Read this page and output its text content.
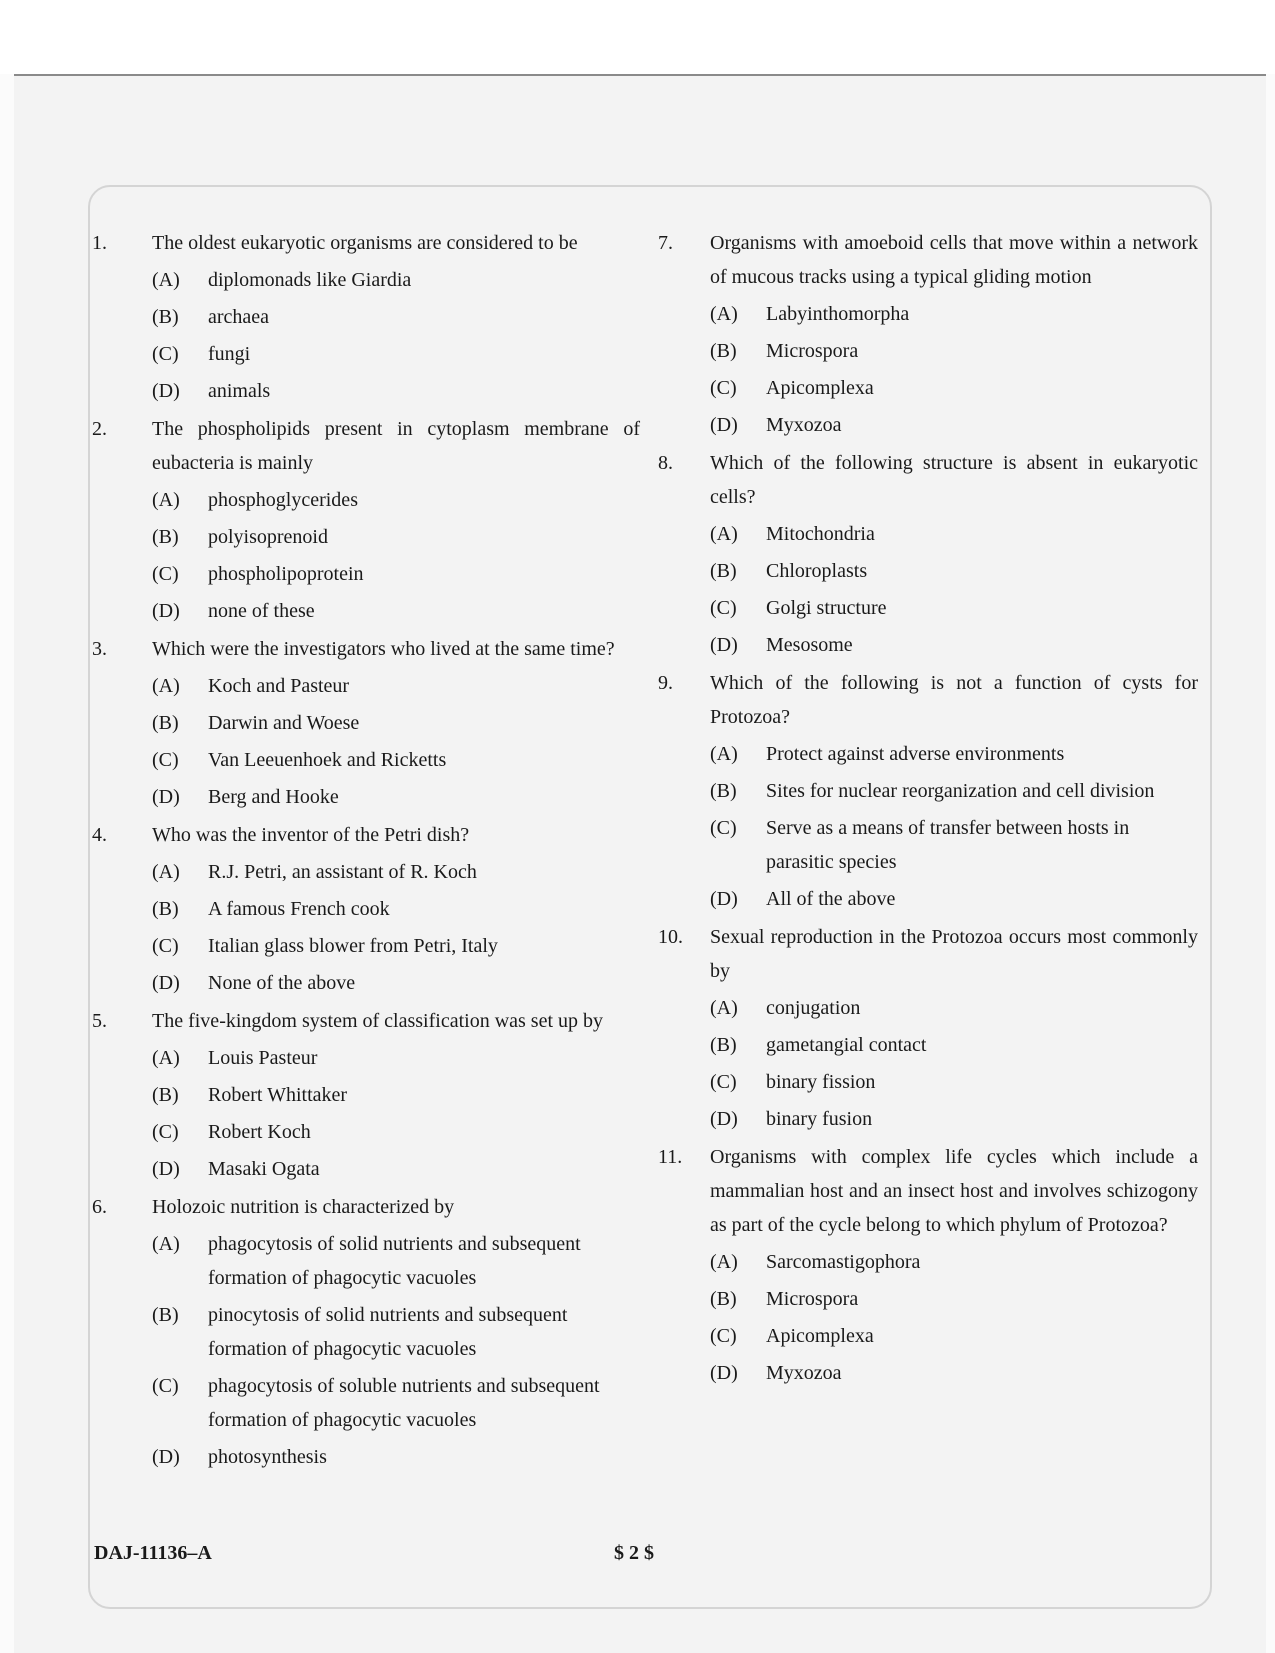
1.	The oldest eukaryotic organisms are considered to be
(A)	diplomonads like Giardia
(B)	archaea
(C)	fungi
(D)	animals
2.	The phospholipids present in cytoplasm membrane of eubacteria is mainly
(A)	phosphoglycerides
(B)	polyisoprenoid
(C)	phospholipoprotein
(D)	none of these
3.	Which were the investigators who lived at the same time?
(A)	Koch and Pasteur
(B)	Darwin and Woese
(C)	Van Leeuenhoek and Ricketts
(D)	Berg and Hooke
4.	Who was the inventor of the Petri dish?
(A)	R.J. Petri, an assistant of R. Koch
(B)	A famous French cook
(C)	Italian glass blower from Petri, Italy
(D)	None of the above
5.	The five-kingdom system of classification was set up by
(A)	Louis Pasteur
(B)	Robert Whittaker
(C)	Robert Koch
(D)	Masaki Ogata
6.	Holozoic nutrition is characterized by
(A)	phagocytosis of solid nutrients and subsequent formation of phagocytic vacuoles
(B)	pinocytosis of solid nutrients and subsequent formation of phagocytic vacuoles
(C)	phagocytosis of soluble nutrients and subsequent formation of phagocytic vacuoles
(D)	photosynthesis
7.	Organisms with amoeboid cells that move within a network of mucous tracks using a typical gliding motion
(A)	Labyinthomorpha
(B)	Microspora
(C)	Apicomplexa
(D)	Myxozoa
8.	Which of the following structure is absent in eukaryotic cells?
(A)	Mitochondria
(B)	Chloroplasts
(C)	Golgi structure
(D)	Mesosome
9.	Which of the following is not a function of cysts for Protozoa?
(A)	Protect against adverse environments
(B)	Sites for nuclear reorganization and cell division
(C)	Serve as a means of transfer between hosts in parasitic species
(D)	All of the above
10.	Sexual reproduction in the Protozoa occurs most commonly by
(A)	conjugation
(B)	gametangial contact
(C)	binary fission
(D)	binary fusion
11.	Organisms with complex life cycles which include a mammalian host and an insect host and involves schizogony as part of the cycle belong to which phylum of Protozoa?
(A)	Sarcomastigophora
(B)	Microspora
(C)	Apicomplexa
(D)	Myxozoa
DAJ-11136–A	$ 2 $
